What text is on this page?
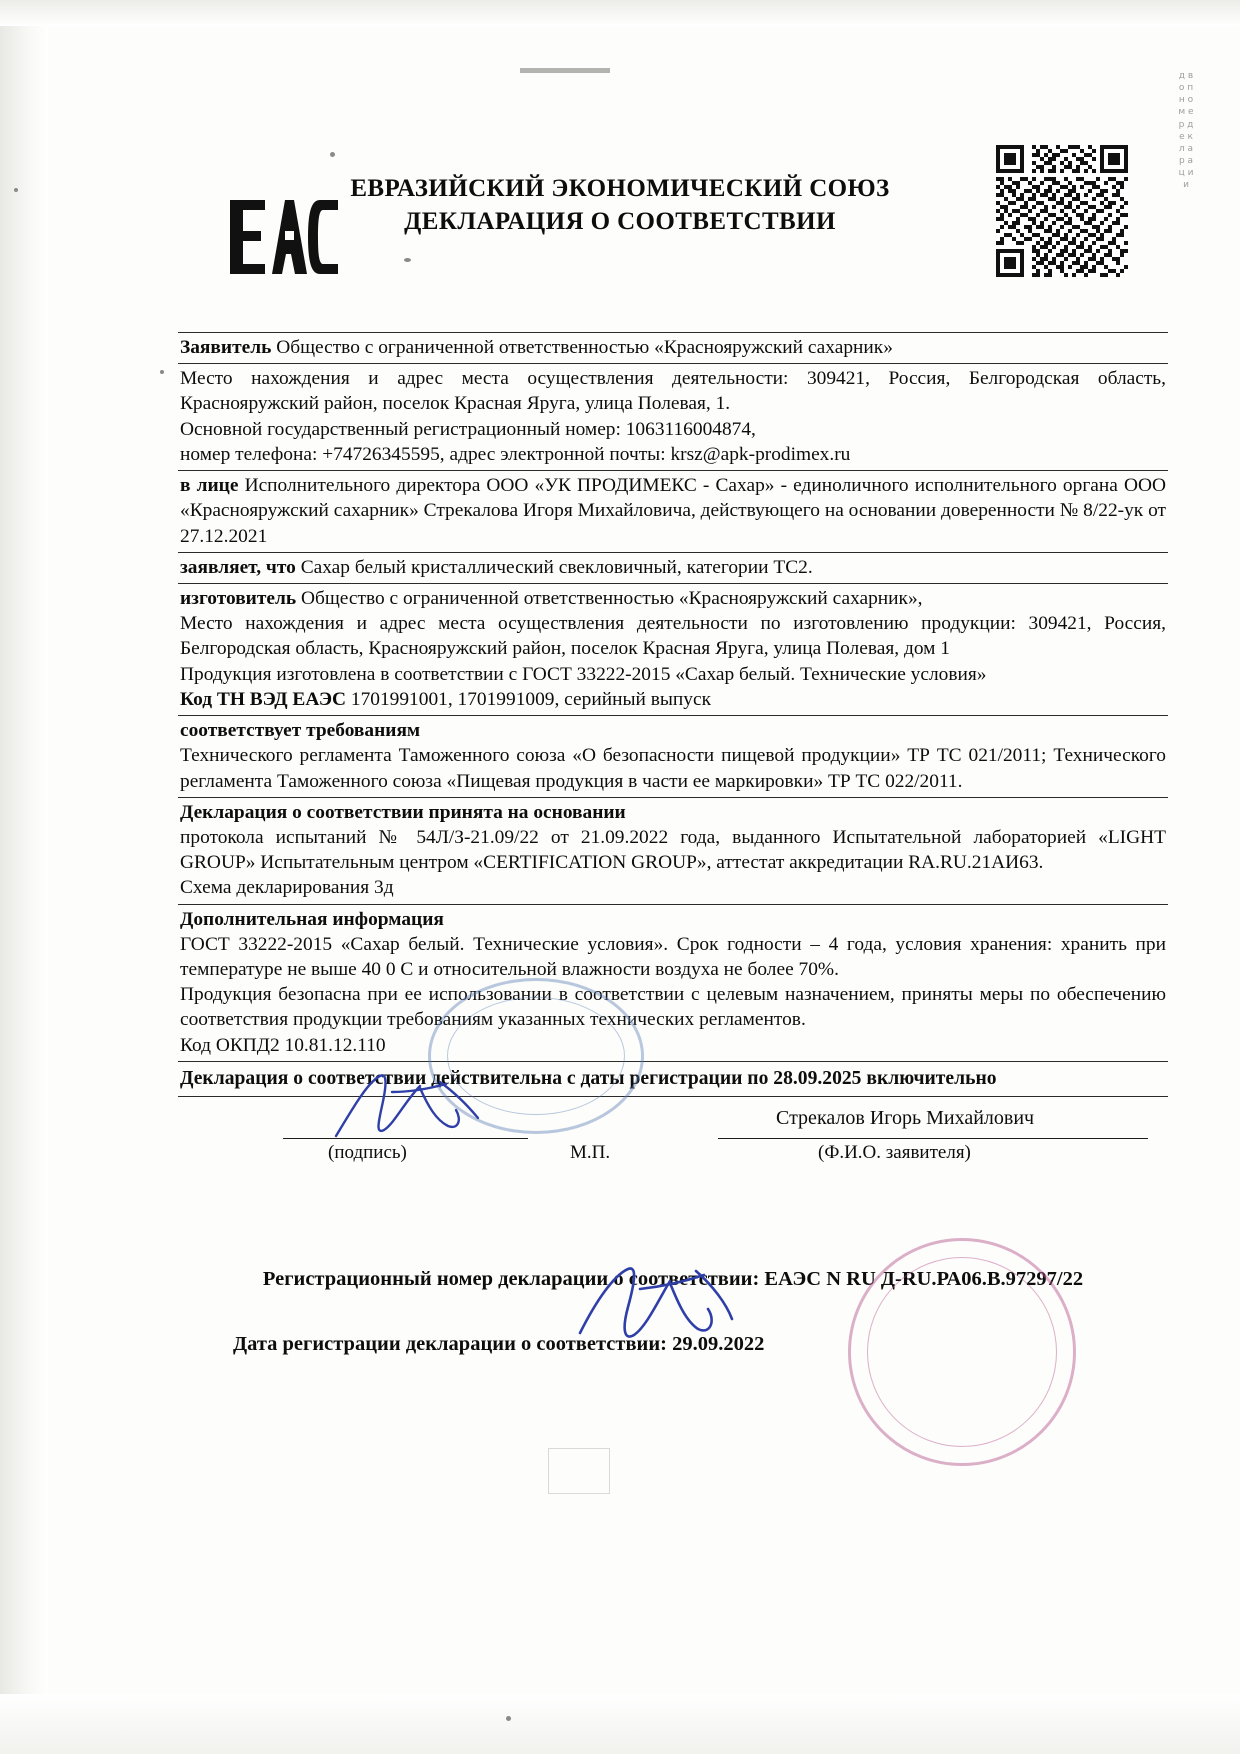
ЕВРАЗИЙСКИЙ ЭКОНОМИЧЕСКИЙ СОЮЗ
ДЕКЛАРАЦИЯ О СООТВЕТСТВИИ

Заявитель Общество с ограниченной ответственностью «Краснояружский сахарник»

Место нахождения и адрес места осуществления деятельности: 309421, Россия, Белгородская область, Краснояружский район, поселок Красная Яруга, улица Полевая, 1.

Основной государственный регистрационный номер: 1063116004874,

номер телефона: +74726345595, адрес электронной почты: krsz@apk-prodimex.ru

в лице Исполнительного директора ООО «УК ПРОДИМЕКС - Сахар» - единоличного исполнительного органа ООО «Краснояружский сахарник» Стрекалова Игоря Михайловича, действующего на основании доверенности № 8/22-ук от 27.12.2021

заявляет, что Сахар белый кристаллический свекловичный, категории ТС2.

изготовитель Общество с ограниченной ответственностью «Краснояружский сахарник»,

Место нахождения и адрес места осуществления деятельности по изготовлению продукции: 309421, Россия, Белгородская область, Краснояружский район, поселок Красная Яруга, улица Полевая, дом 1

Продукция изготовлена в соответствии с ГОСТ 33222-2015 «Сахар белый. Технические условия»

Код ТН ВЭД ЕАЭС 1701991001, 1701991009, серийный выпуск

соответствует требованиям

Технического регламента Таможенного союза «О безопасности пищевой продукции» ТР ТС 021/2011; Технического регламента Таможенного союза «Пищевая продукция в части ее маркировки» ТР ТС 022/2011.

Декларация о соответствии принята на основании

протокола испытаний № 54Л/З-21.09/22 от 21.09.2022 года, выданного Испытательной лабораторией «LIGHT GROUP» Испытательным центром «CERTIFICATION GROUP», аттестат аккредитации RA.RU.21АИ63.

Схема декларирования 3д

Дополнительная информация

ГОСТ 33222-2015 «Сахар белый. Технические условия». Срок годности – 4 года, условия хранения: хранить при температуре не выше 40 0 С и относительной влажности воздуха не более 70%.

Продукция безопасна при ее использовании в соответствии с целевым назначением, приняты меры по обеспечению соответствия продукции требованиям указанных технических регламентов.

Код ОКПД2 10.81.12.110

Декларация о соответствии действительна с даты регистрации по 28.09.2025 включительно
(подпись)	М.П.
Стрекалов Игорь Михайлович
(Ф.И.О. заявителя)
Регистрационный номер декларации о соответствии: ЕАЭС N RU Д-RU.РА06.В.97297/22
Дата регистрации декларации о соответствии: 29.09.2022
д в о п н о м е р д е к л а р а ц и и
